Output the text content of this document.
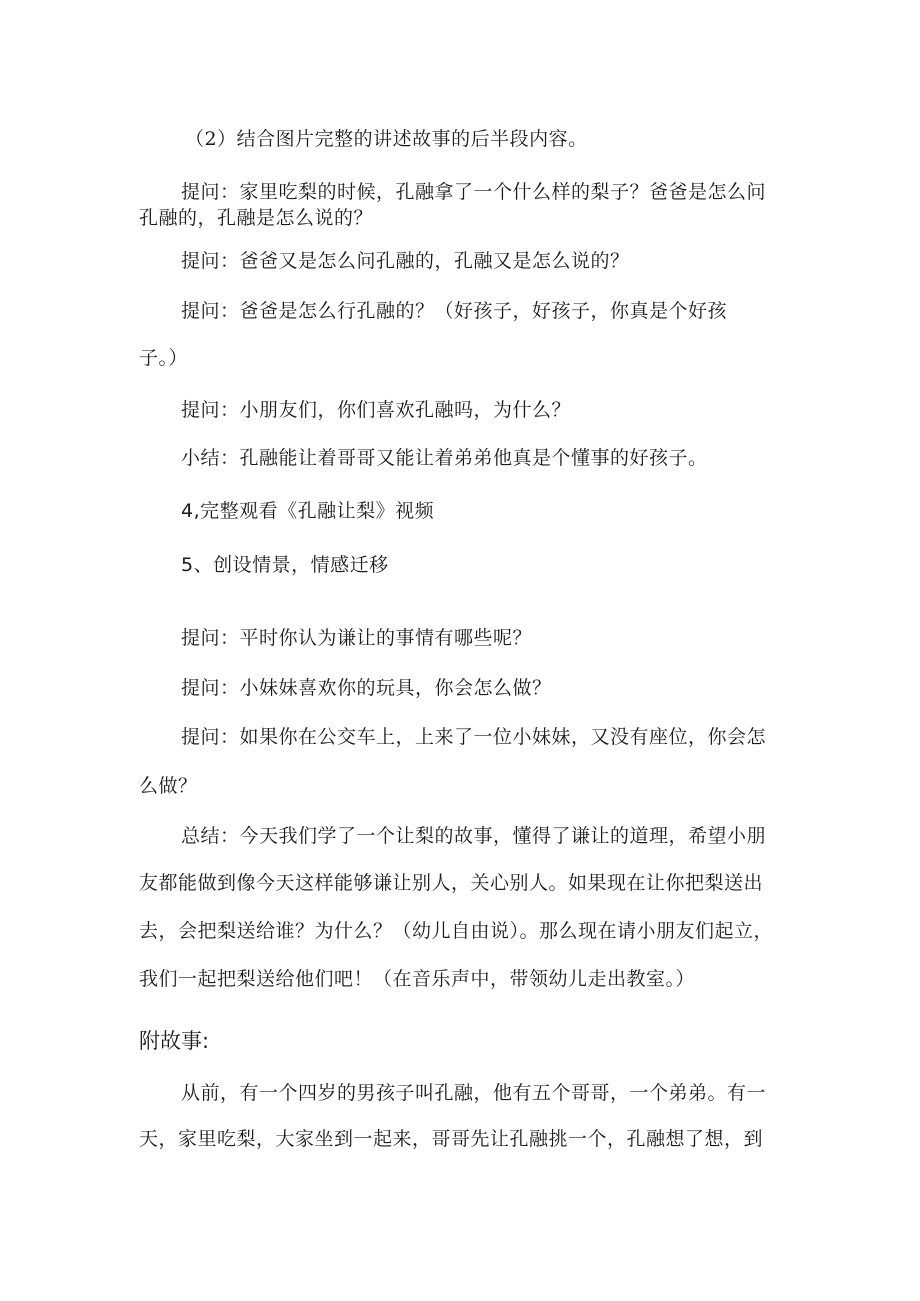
（2）结合图片完整的讲述故事的后半段内容。
提问：家里吃梨的时候，孔融拿了一个什么样的梨子？爸爸是怎么问
孔融的，孔融是怎么说的？
提问：爸爸又是怎么问孔融的，孔融又是怎么说的？
提问：爸爸是怎么行孔融的？（好孩子，好孩子，你真是个好孩
子。）
提问：小朋友们，你们喜欢孔融吗，为什么？
小结：孔融能让着哥哥又能让着弟弟他真是个懂事的好孩子。
4,完整观看《孔融让梨》视频
5、创设情景，情感迁移
提问：平时你认为谦让的事情有哪些呢？
提问：小妹妹喜欢你的玩具，你会怎么做？
提问：如果你在公交车上，上来了一位小妹妹，又没有座位，你会怎
么做？
总结：今天我们学了一个让梨的故事，懂得了谦让的道理，希望小朋
友都能做到像今天这样能够谦让别人，关心别人。如果现在让你把梨送出
去，会把梨送给谁？为什么？（幼儿自由说）。那么现在请小朋友们起立，
我们一起把梨送给他们吧！（在音乐声中，带领幼儿走出教室。）
附故事:
从前，有一个四岁的男孩子叫孔融，他有五个哥哥，一个弟弟。有一
天，家里吃梨，大家坐到一起来，哥哥先让孔融挑一个，孔融想了想，到
